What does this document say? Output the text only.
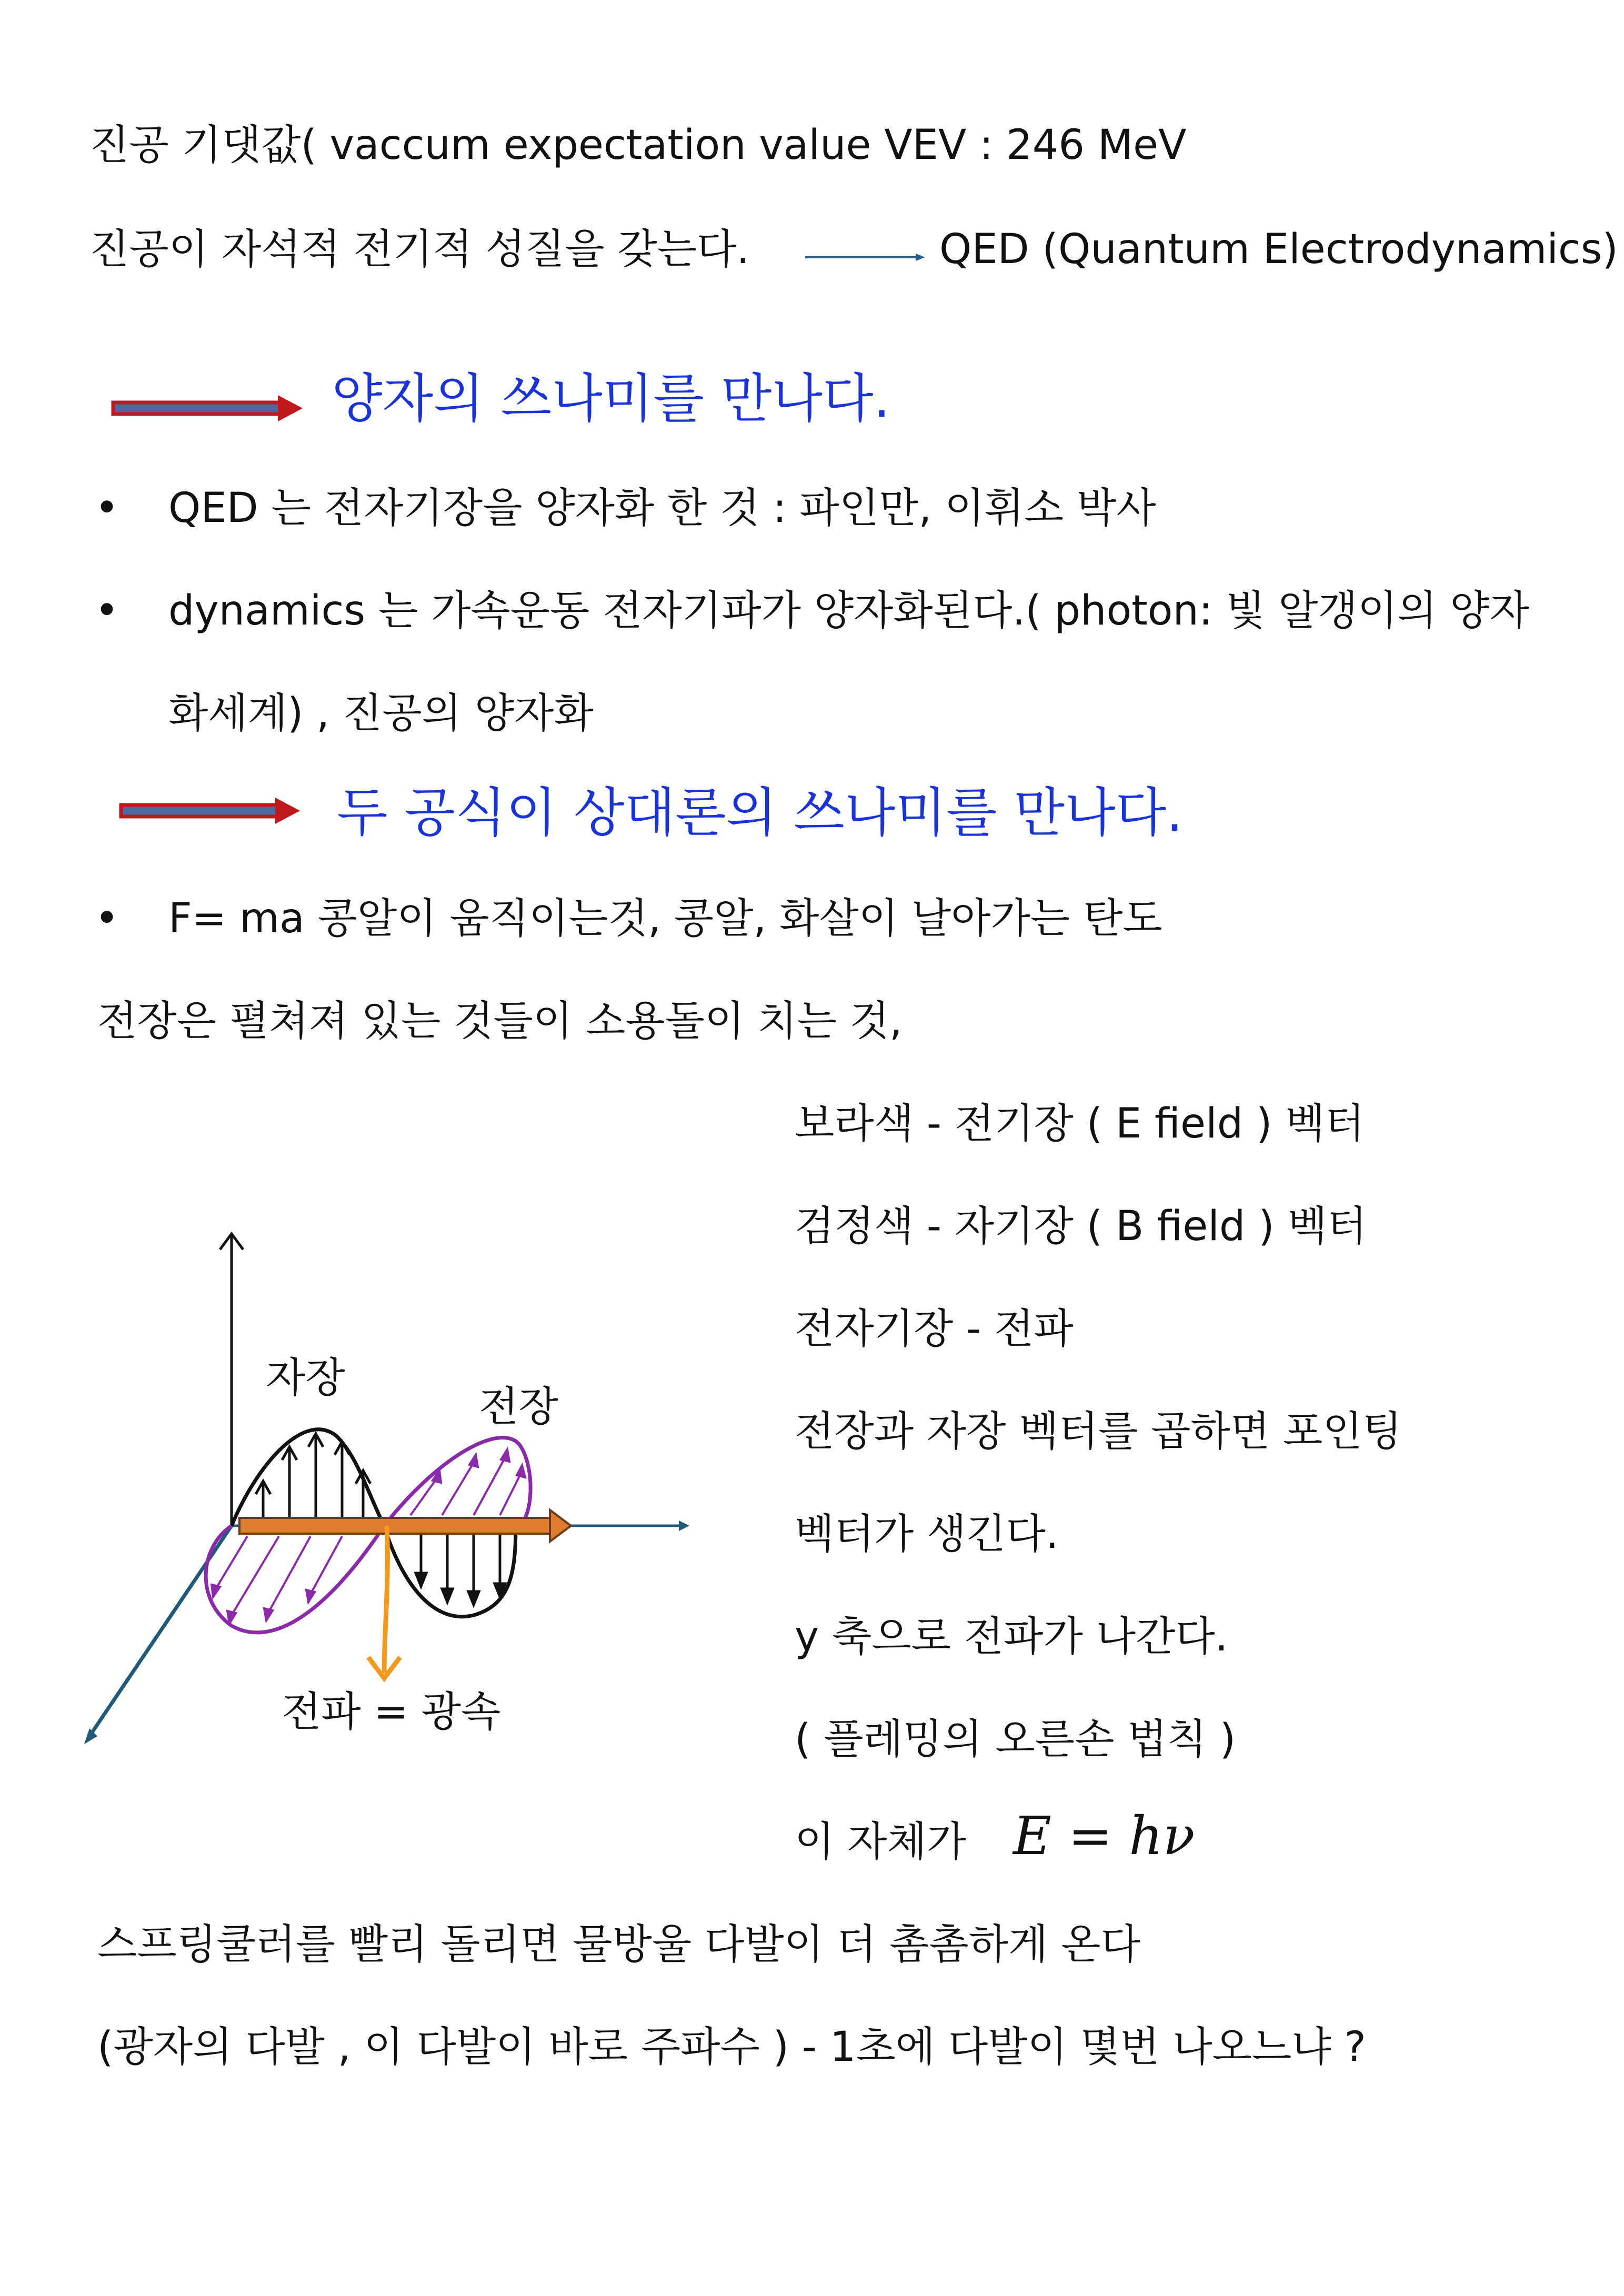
진공 기댓값( vaccum expectation value VEV : 246 MeV
진공이 자석적 전기적 성질을 갖는다.	QED (Quantum Electrodynamics)
양자의 쓰나미를 만나다.
• QED 는 전자기장을 양자화 한 것 : 파인만, 이휘소 박사
• dynamics 는 가속운동 전자기파가 양자화된다.( photon: 빛 알갱이의 양자
화세계) , 진공의 양자화
두 공식이 상대론의 쓰나미를 만나다.
• F= ma 콩알이 움직이는것, 콩알, 화살이 날아가는 탄도
전장은 펼쳐져 있는 것들이 소용돌이 치는 것,
보라색 - 전기장 ( E field ) 벡터
검정색 - 자기장 ( B field ) 벡터
전자기장 - 전파
전장과 자장 벡터를 곱하면 포인팅
벡터가 생긴다.
y 축으로 전파가 나간다.
( 플레밍의 오른손 법칙 )
이 자체가 E = hν
자장
전장
전파 = 광속
스프링쿨러를 빨리 돌리면 물방울 다발이 더 촘촘하게 온다
(광자의 다발 , 이 다발이 바로 주파수 ) - 1초에 다발이 몇번 나오느냐 ?
